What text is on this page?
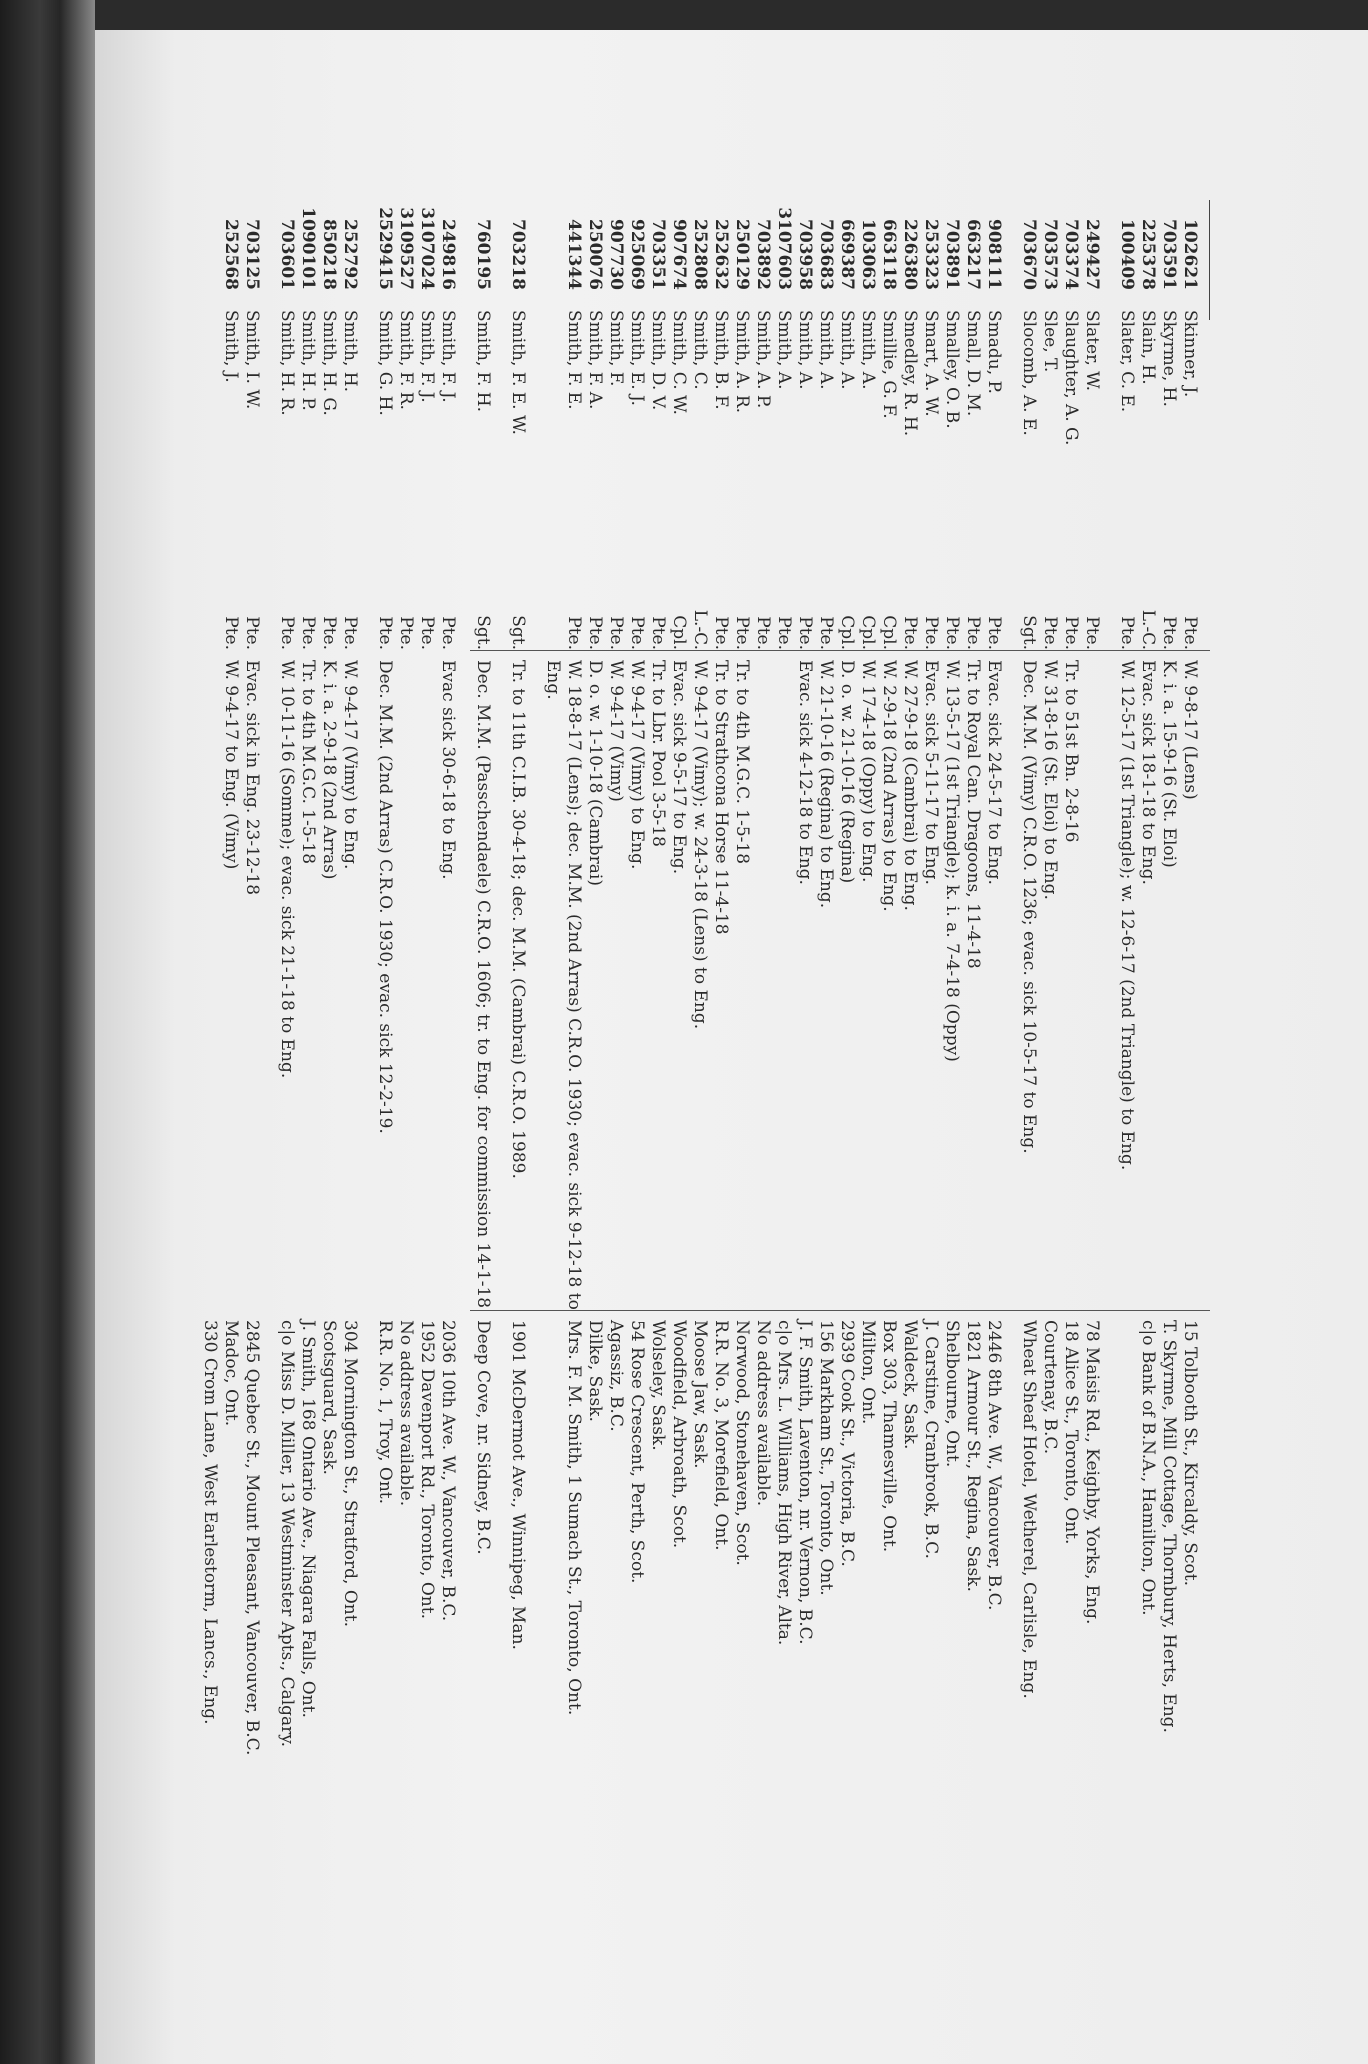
102621
Skinner, J.
Pte.
W. 9-8-17 (Lens)
15 Tolbooth St., Kircaldy, Scot.
703591
Skyrme, H.
Pte.
K. i. a. 15-9-16 (St. Eloi)
T. Skyrme, Mill Cottage, Thornbury, Herts, Eng.
225378
Slain, H.
L.-C.
Evac. sick 18-1-18 to Eng.
c|o Bank of B.N.A., Hamilton, Ont.
100409
Slater, C. E.
Pte.
W. 12-5-17 (1st Triangle); w. 12-6-17 (2nd Triangle) to Eng.
249427
Slater, W.
Pte.
78 Maisis Rd., Keighby, Yorks, Eng.
703374
Slaughter, A. G.
Pte.
Tr. to 51st Bn. 2-8-16
18 Alice St., Toronto, Ont.
703573
Slee, T.
Pte.
W. 31-8-16 (St. Eloi) to Eng.
Courtenay, B.C.
703670
Slocomb, A. E.
Sgt.
Dec. M.M. (Vimy) C.R.O. 1236; evac. sick 10-5-17 to Eng.
Wheat Sheaf Hotel, Wetherel, Carlisle, Eng.
908111
Smadu, P.
Pte.
Evac. sick 24-5-17 to Eng.
2446 8th Ave. W., Vancouver, B.C.
663217
Small, D. M.
Pte.
Tr. to Royal Can. Dragoons, 11-4-18
1821 Armour St., Regina, Sask.
703891
Smalley, O. B.
Pte.
W. 13-5-17 (1st Triangle); k. i. a. 7-4-18 (Oppy)
Shelbourne, Ont.
253323
Smart, A. W.
Pte.
Evac. sick 5-11-17 to Eng.
J. Carstine, Cranbrook, B.C.
226380
Smedley, R. H.
Pte.
W. 27-9-18 (Cambrai) to Eng.
Waldeck, Sask.
663118
Smillie, G. F.
Cpl.
W. 2-9-18 (2nd Arras) to Eng.
Box 303, Thamesville, Ont.
103063
Smith, A.
Cpl.
W. 17-4-18 (Oppy) to Eng.
Milton, Ont.
669387
Smith, A.
Cpl.
D. o. w. 21-10-16 (Regina)
2939 Cook St., Victoria, B.C.
703683
Smith, A.
Pte.
W. 21-10-16 (Regina) to Eng.
156 Markham St., Toronto, Ont.
703958
Smith, A.
Pte.
Evac. sick 4-12-18 to Eng.
J. F. Smith, Laventon, nr. Vernon, B.C.
3107603
Smith, A.
Pte.
c|o Mrs. L. Williams, High River, Alta.
703892
Smith, A. P.
Pte.
No address available.
250129
Smith, A. R.
Pte.
Tr. to 4th M.G.C. 1-5-18
Norwood, Stonehaven, Scot.
252632
Smith, B. F.
Pte.
Tr. to Strathcona Horse 11-4-18
R.R. No. 3, Morefield, Ont.
252808
Smith, C.
L.-C.
W. 9-4-17 (Vimy); w. 24-3-18 (Lens) to Eng.
Moose Jaw, Sask.
907674
Smith, C. W.
Cpl.
Evac. sick 9-5-17 to Eng.
Woodfield, Arbroath, Scot.
703351
Smith, D. V.
Pte.
Tr. to Lbr. Pool 3-5-18
Wolseley, Sask.
925069
Smith, E. J.
Pte.
W. 9-4-17 (Vimy) to Eng.
54 Rose Crescent, Perth, Scot.
907730
Smith, F.
Pte.
W. 9-4-17 (Vimy)
Agassiz, B.C.
250076
Smith, F. A.
Pte.
D. o. w. 1-10-18 (Cambrai)
Dilke, Sask.
441344
Smith, F. E.
Pte.
W. 18-8-17 (Lens); dec. M.M. (2nd Arras) C.R.O. 1930; evac. sick 9-12-18 to Eng.
Mrs. F. M. Smith, 1 Sumach St., Toronto, Ont.
703218
Smith, F. E. W.
Sgt.
Tr. to 11th C.I.B. 30-4-18; dec. M.M. (Cambrai) C.R.O. 1989.
1901 McDermot Ave., Winnipeg, Man.
760195
Smith, F. H.
Sgt.
Dec. M.M. (Passchendaele) C.R.O. 1606; tr. to Eng. for commission 14-1-18
Deep Cove, nr. Sidney, B.C.
249816
Smith, F. J.
Pte.
Evac sick 30-6-18 to Eng.
2036 10th Ave. W., Vancouver, B.C.
3107024
Smith, F. J.
Pte.
1952 Davenport Rd., Toronto, Ont.
3109527
Smith, F. R.
Pte.
No address available.
2529415
Smith, G. H.
Pte.
Dec. M.M. (2nd Arras) C.R.O. 1930; evac. sick 12-2-19.
R.R. No. 1, Troy, Ont.
252792
Smith, H.
Pte.
W. 9-4-17 (Vimy) to Eng.
304 Mornington St., Stratford, Ont.
850218
Smith, H. G.
Pte.
K. i. a. 2-9-18 (2nd Arras)
Scotsguard, Sask.
1090101
Smith, H. P.
Pte.
Tr. to 4th M.G.C. 1-5-18
J. Smith, 168 Ontario Ave., Niagara Falls, Ont.
703601
Smith, H. R.
Pte.
W. 10-11-16 (Somme); evac. sick 21-1-18 to Eng.
c|o Miss D. Miller, 13 Westminster Apts., Calgary.
703125
Smith, I. W.
Pte.
Evac. sick in Eng. 23-12-18
2845 Quebec St., Mount Pleasant, Vancouver, B.C.
252568
Smith, J.
Pte.
W. 9-4-17 to Eng. (Vimy)
Madoc, Ont.
330 Crom Lane, West Earlestorm, Lancs., Eng.
